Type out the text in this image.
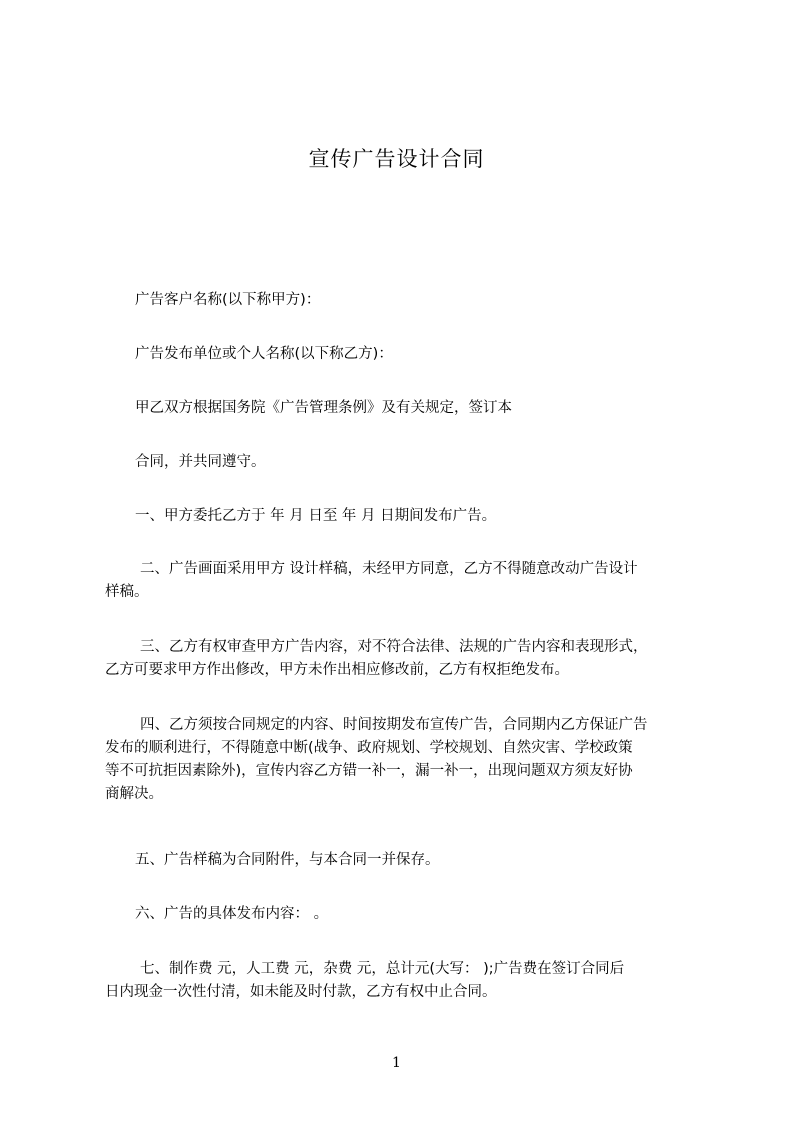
宣传广告设计合同

广告客户名称(以下称甲方)：

广告发布单位或个人名称(以下称乙方)：

甲乙双方根据国务院《广告管理条例》及有关规定，签订本

合同，并共同遵守。

一、甲方委托乙方于 年 月 日至 年 月 日期间发布广告。

二、广告画面采用甲方 设计样稿，未经甲方同意，乙方不得随意改动广告设计
样稿。

三、乙方有权审查甲方广告内容，对不符合法律、法规的广告内容和表现形式，
乙方可要求甲方作出修改，甲方未作出相应修改前，乙方有权拒绝发布。

四、乙方须按合同规定的内容、时间按期发布宣传广告，合同期内乙方保证广告
发布的顺利进行，不得随意中断(战争、政府规划、学校规划、自然灾害、学校政策
等不可抗拒因素除外)，宣传内容乙方错一补一，漏一补一，出现问题双方须友好协
商解决。

五、广告样稿为合同附件，与本合同一并保存。

六、广告的具体发布内容： 。

七、制作费 元，人工费 元，杂费 元，总计元(大写： );广告费在签订合同后
日内现金一次性付清，如未能及时付款，乙方有权中止合同。

1
